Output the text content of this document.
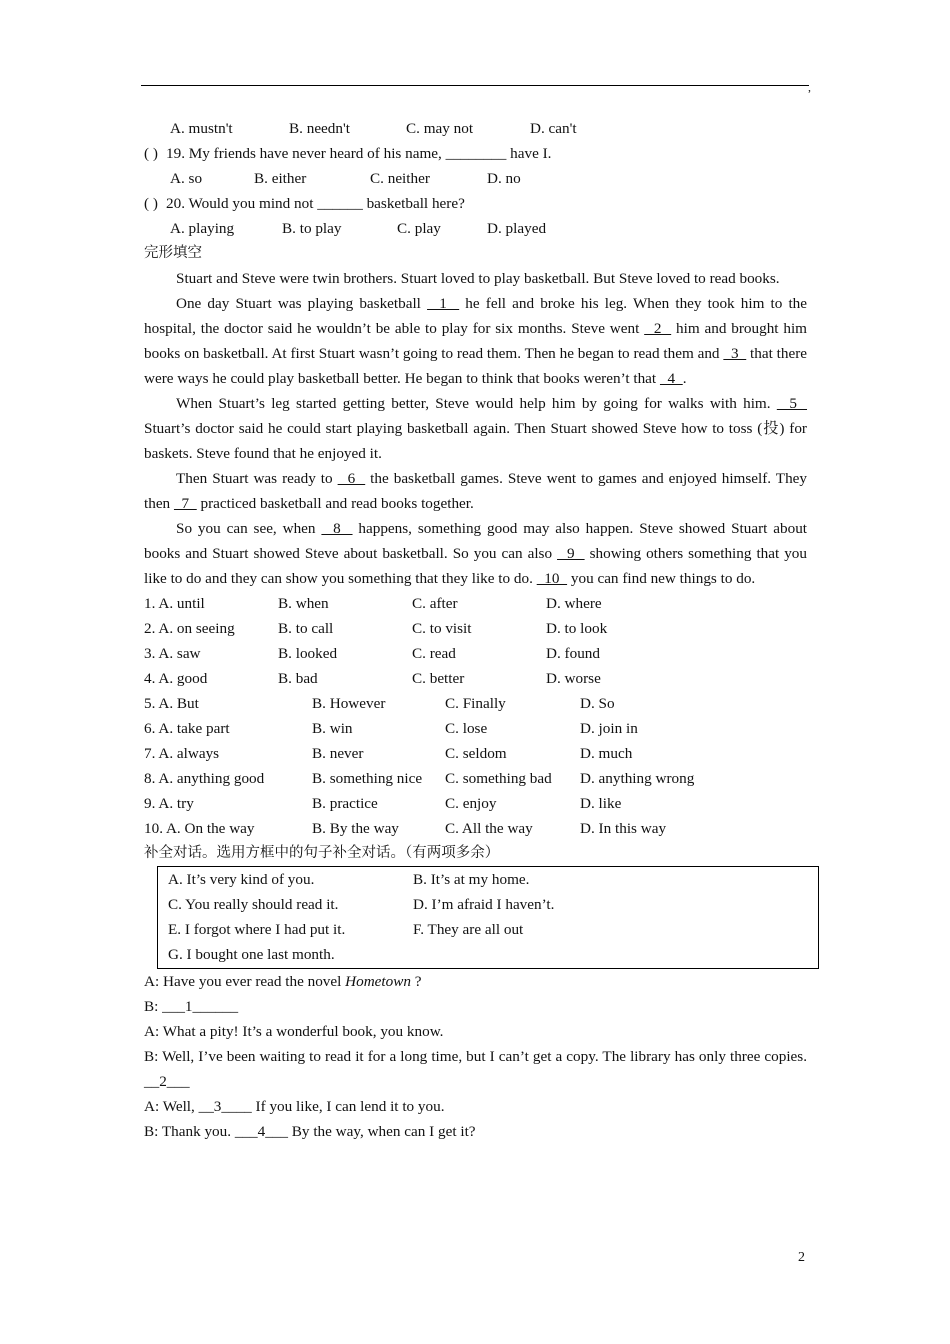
,
A. mustn't	B. needn't	C. may not	D. can't
( ) 19. My friends have never heard of his name, ________ have I.
A. so	B. either	C. neither	D. no
( ) 20. Would you mind not ______ basketball here?
A. playing	B. to play	C. play	D. played
完形填空
Stuart and Steve were twin brothers. Stuart loved to play basketball. But Steve loved to read books.
One day Stuart was playing basketball   1   he fell and broke his leg. When they took him to the hospital, the doctor said he wouldn’t be able to play for six months. Steve went   2   him and brought him books on basketball. At first Stuart wasn’t going to read them. Then he began to read them and   3   that there were ways he could play basketball better. He began to think that books weren’t that   4  .
When Stuart’s leg started getting better, Steve would help him by going for walks with him.   5   Stuart’s doctor said he could start playing basketball again. Then Stuart showed Steve how to toss (投) for baskets. Steve found that he enjoyed it.
Then Stuart was ready to   6   the basketball games. Steve went to games and enjoyed himself. They then   7   practiced basketball and read books together.
So you can see, when   8   happens, something good may also happen. Steve showed Stuart about books and Stuart showed Steve about basketball. So you can also   9   showing others something that you like to do and they can show you something that they like to do.   10   you can find new things to do.
1. A. until	B. when	C. after	D. where
2. A. on seeing	B. to call	C. to visit	D. to look
3. A. saw	B. looked	C. read	D. found
4. A. good	B. bad	C. better	D. worse
5. A. But	B. However	C. Finally	D. So
6. A. take part	B. win	C. lose	D. join in
7. A. always	B. never	C. seldom	D. much
8. A. anything good	B. something nice C. something bad D. anything wrong
9. A. try	B. practice	C. enjoy	D. like
10. A. On the way	B. By the way	C. All the way	D. In this way
补全对话。选用方框中的句子补全对话。（有两项多余）
A. It’s very kind of you.	B. It’s at my home.
C. You really should read it.	D. I’m afraid I haven’t.
E. I forgot where I had put it.	F. They are all out
G. I bought one last month.
A: Have you ever read the novel Hometown ?
B: ___1______
A: What a pity! It’s a wonderful book, you know.
B: Well, I’ve been waiting to read it for a long time, but I can’t get a copy. The library has only three copies. __2___
A: Well, __3____ If you like, I can lend it to you.
B: Thank you. ___4___ By the way, when can I get it?
2
